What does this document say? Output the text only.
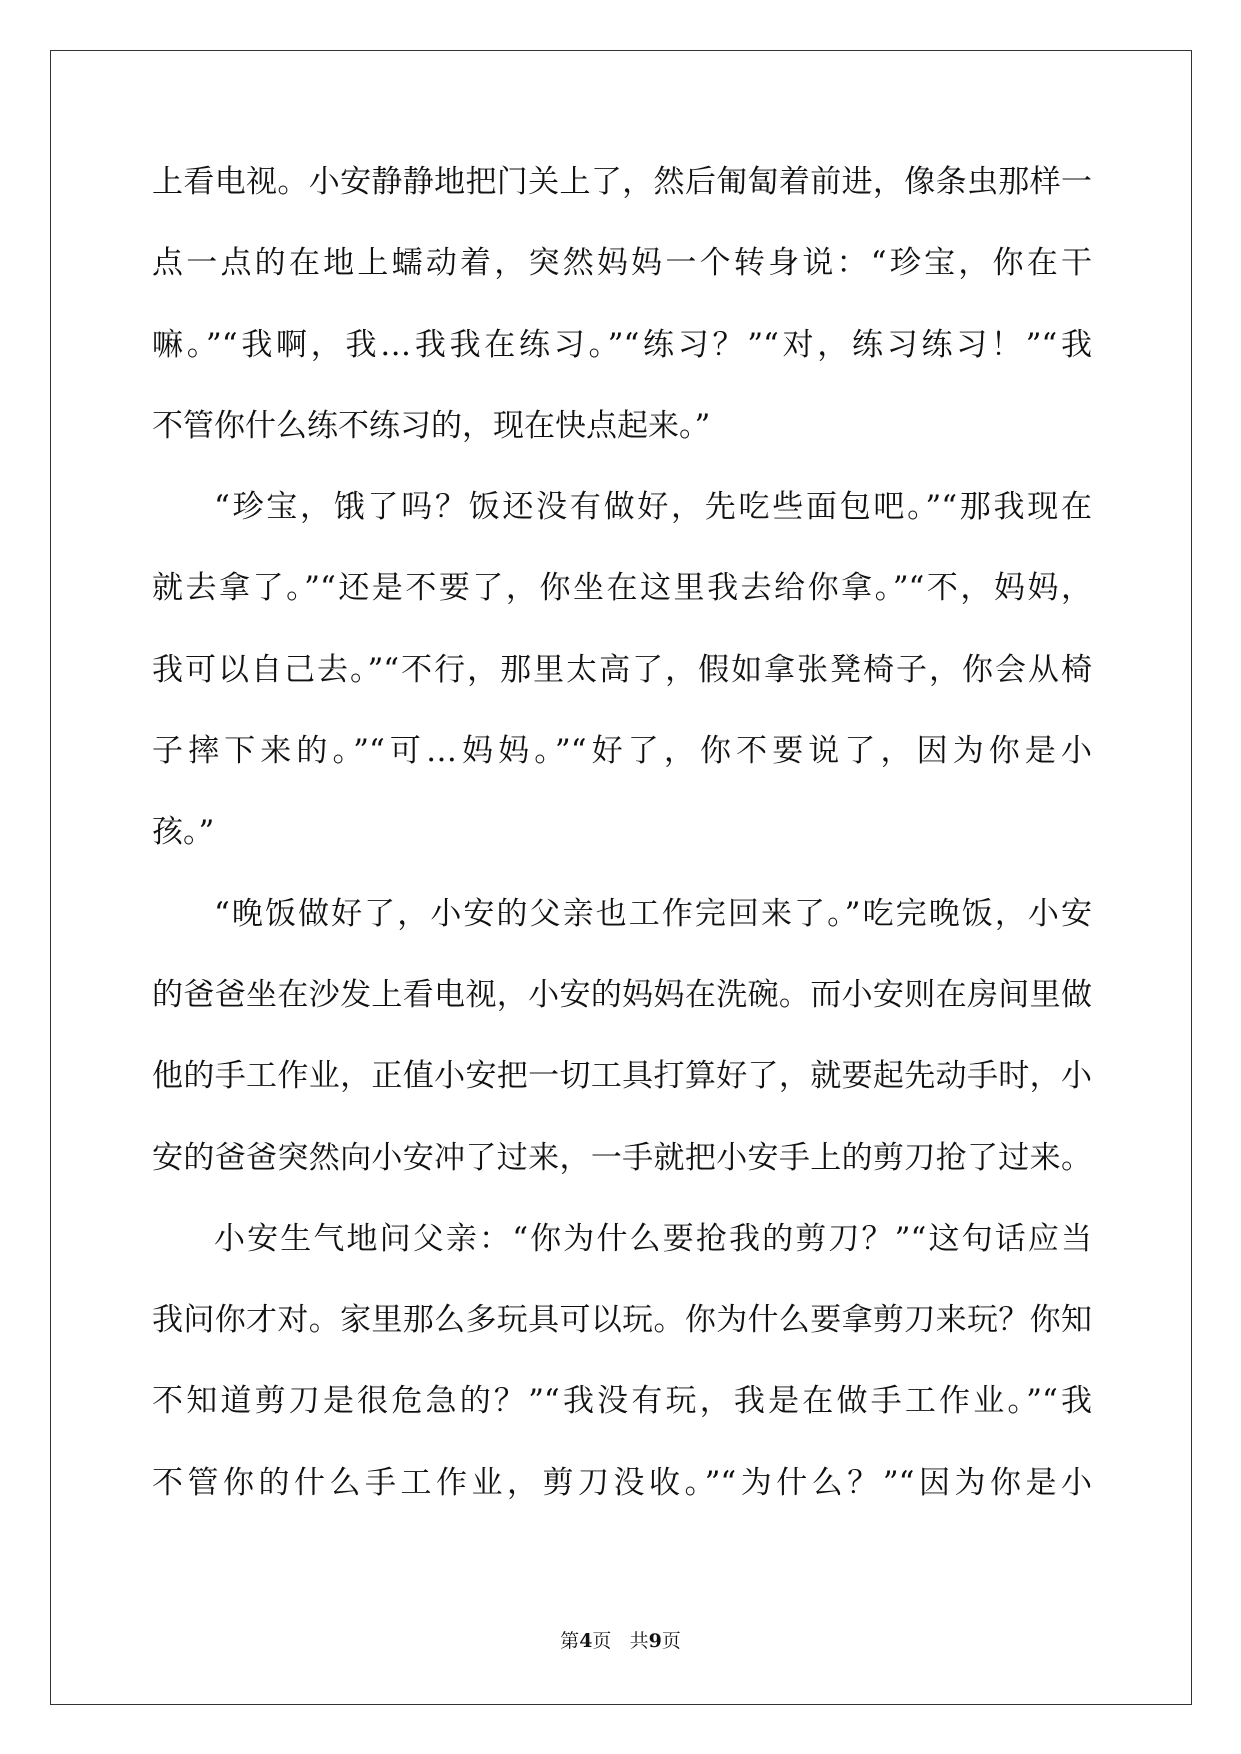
上看电视。小安静静地把门关上了，然后匍匐着前进，像条虫那样一
点一点的在地上蠕动着，突然妈妈一个转身说：“珍宝，你在干
嘛。”“我啊，我…我我在练习。”“练习？”“对，练习练习！”“我
不管你什么练不练习的，现在快点起来。”
“珍宝，饿了吗？饭还没有做好，先吃些面包吧。”“那我现在
就去拿了。”“还是不要了，你坐在这里我去给你拿。”“不，妈妈，
我可以自己去。”“不行，那里太高了，假如拿张凳椅子，你会从椅
子摔下来的。”“可…妈妈。”“好了，你不要说了，因为你是小
孩。”
“晚饭做好了，小安的父亲也工作完回来了。”吃完晚饭，小安
的爸爸坐在沙发上看电视，小安的妈妈在洗碗。而小安则在房间里做
他的手工作业，正值小安把一切工具打算好了，就要起先动手时，小
安的爸爸突然向小安冲了过来，一手就把小安手上的剪刀抢了过来。
小安生气地问父亲：“你为什么要抢我的剪刀？”“这句话应当
我问你才对。家里那么多玩具可以玩。你为什么要拿剪刀来玩？你知
不知道剪刀是很危急的？”“我没有玩，我是在做手工作业。”“我
不管你的什么手工作业，剪刀没收。”“为什么？”“因为你是小
第4页 共9页
